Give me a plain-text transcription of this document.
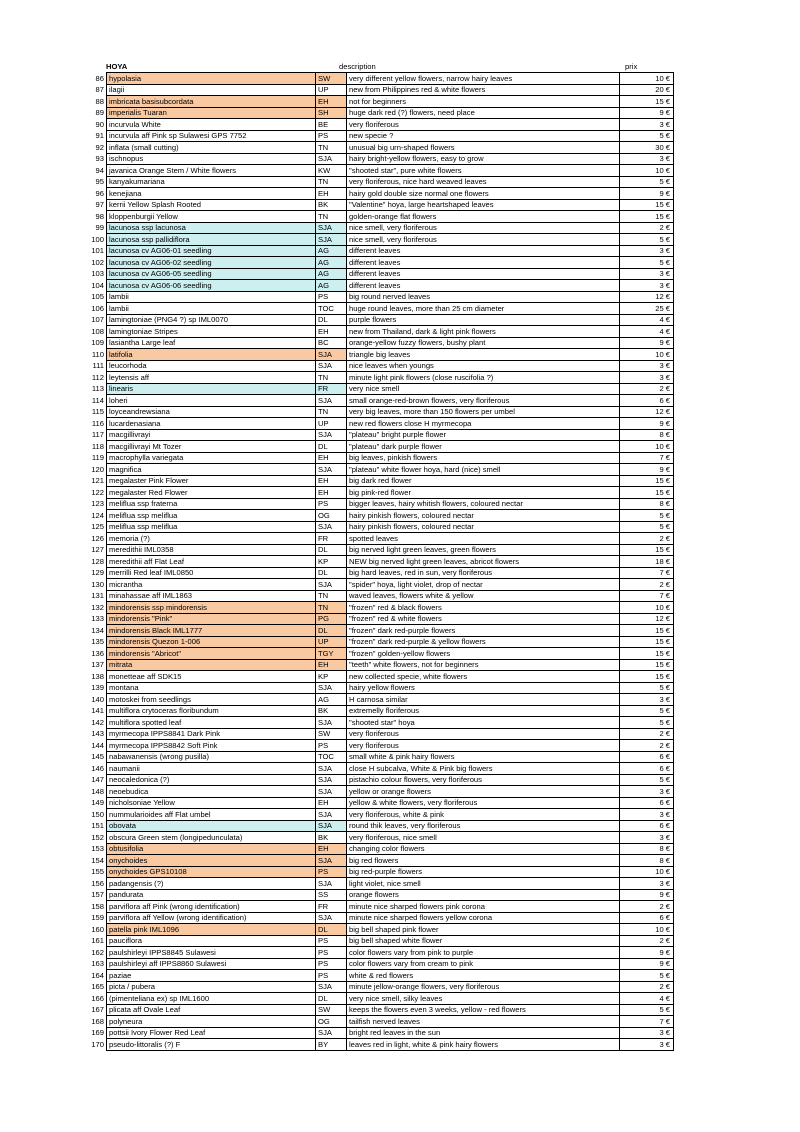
HOYA	description	prix
86	hypolasia	SW	very different yellow flowers, narrow hairy leaves	10 €
87	ilagii	UP	new from Philippines red & white flowers	20 €
88	imbricata basisubcordata	EH	not for beginners	15 €
89	imperialis Tuaran	SH	huge dark red (?) flowers, need place	9 €
90	incurvula White	BE	very floriferous	3 €
91	incurvula aff Pink sp Sulawesi GPS 7752	PS	new specie ?	5 €
92	inflata (small cutting)	TN	unusual big urn-shaped flowers	30 €
93	ischnopus	SJA	hairy bright-yellow flowers, easy to grow	3 €
94	javanica Orange Stem / White flowers	KW	"shooted star", pure white flowers	10 €
95	kanyakumariana	TN	very floriferous, nice hard weaved leaves	5 €
96	kenejiana	EH	hairy gold double size normal one flowers	9 €
97	kerrii Yellow Splash Rooted	BK	"Valentine" hoya, large heartshaped leaves	15 €
98	kloppenburgii Yellow	TN	golden-orange flat flowers	15 €
99	lacunosa ssp lacunosa	SJA	nice smell, very floriferous	2 €
100	lacunosa ssp pallidiflora	SJA	nice smell, very floriferous	5 €
101	lacunosa cv AG06-01 seedling	AG	different leaves	3 €
102	lacunosa cv AG06-02 seedling	AG	different leaves	5 €
103	lacunosa cv AG06-05 seedling	AG	different leaves	3 €
104	lacunosa cv AG06-06 seedling	AG	different leaves	3 €
105	lambii	PS	big round nerved leaves	12 €
106	lambii	TOC	huge round leaves, more than 25 cm diameter	25 €
107	lamingtoniae (PNG4 ?) sp IML0070	DL	purple flowers	4 €
108	lamingtoniae Stripes	EH	new from Thailand, dark & light pink flowers	4 €
109	lasiantha Large leaf	BC	orange-yellow fuzzy flowers, bushy plant	9 €
110	latifolia	SJA	triangle big leaves	10 €
111	leucorhoda	SJA	nice leaves when youngs	3 €
112	leytensis aff	TN	minute light pink flowers (close ruscifolia ?)	3 €
113	linearis	FR	very nice smell	2 €
114	loheri	SJA	small orange-red-brown flowers, very floriferous	6 €
115	loyceandrewsiana	TN	very big leaves, more than 150 flowers per umbel	12 €
116	lucardenasiana	UP	new red flowers close H myrmecopa	9 €
117	macgillivrayi	SJA	"plateau" bright purple flower	8 €
118	macgillivrayi Mt Tozer	DL	"plateau" dark purple flower	10 €
119	macrophylla variegata	EH	big leaves, pinkish flowers	7 €
120	magnifica	SJA	"plateau" white flower hoya, hard (nice) smell	9 €
121	megalaster Pink Flower	EH	big dark red flower	15 €
122	megalaster Red Flower	EH	big pink-red flower	15 €
123	meliflua ssp fraterna	PS	bigger leaves, hairy whitish flowers, coloured nectar	8 €
124	meliflua ssp meliflua	OG	hairy pinkish flowers, coloured nectar	5 €
125	meliflua ssp meliflua	SJA	hairy pinkish flowers, coloured nectar	5 €
126	memoria (?)	FR	spotted leaves	2 €
127	meredithii IML0358	DL	big nerved light green leaves, green flowers	15 €
128	meredithii aff Flat Leaf	KP	NEW big nerved light green leaves, abricot flowers	18 €
129	merrilli Red leaf IML0850	DL	big hard leaves, red in sun, very floriferous	7 €
130	micrantha	SJA	"spider" hoya, light violet, drop of nectar	2 €
131	minahassae aff IML1863	TN	waved leaves, flowers white & yellow	7 €
132	mindorensis ssp mindorensis	TN	"frozen" red & black flowers	10 €
133	mindorensis "Pink"	PG	"frozen" red & white flowers	12 €
134	mindorensis Black IML1777	DL	"frozen" dark red-purple flowers	15 €
135	mindorensis Quezon 1-006	UP	"frozen" dark red-purple & yellow flowers	15 €
136	mindorensis "Abricot"	TGY	"frozen" golden-yellow flowers	15 €
137	mitrata	EH	"teeth" white flowers, not for beginners	15 €
138	monetteae aff SDK15	KP	new collected specie, white flowers	15 €
139	montana	SJA	hairy yellow flowers	5 €
140	motoskei from seedlings	AG	H carnosa similar	3 €
141	multiflora crytoceras floribundum	BK	extremelly floriferous	5 €
142	multiflora spotted leaf	SJA	"shooted star" hoya	5 €
143	myrmecopa IPPS8841 Dark Pink	SW	very floriferous	2 €
144	myrmecopa IPPS8842 Soft Pink	PS	very floriferous	2 €
145	nabawanensis (wrong pusilla)	TOC	small white & pink hairy flowers	6 €
146	naumanii	SJA	close H subcalva, White & Pink big flowers	6 €
147	neocaledonica (?)	SJA	pistachio colour flowers, very floriferous	5 €
148	neoebudica	SJA	yellow or orange flowers	3 €
149	nicholsoniae Yellow	EH	yellow & white flowers, very floriferous	6 €
150	nummularioides aff Flat umbel	SJA	very floriferous, white & pink	3 €
151	obovata	SJA	round thik leaves, very floriferous	6 €
152	obscura Green stem (longipedunculata)	BK	very floriferous, nice smell	3 €
153	obtusifolia	EH	changing color flowers	8 €
154	onychoides	SJA	big red flowers	8 €
155	onychoides GPS10108	PS	big red-purple flowers	10 €
156	padangensis (?)	SJA	light violet, nice smell	3 €
157	pandurata	SS	orange flowers	9 €
158	parviflora aff Pink (wrong identification)	FR	minute nice sharped flowers pink corona	2 €
159	parviflora aff Yellow (wrong identification)	SJA	minute nice sharped flowers yellow corona	6 €
160	patella pink IML1096	DL	big bell shaped pink flower	10 €
161	pauciflora	PS	big bell shaped white flower	2 €
162	paulshirleyi IPPS8845 Sulawesi	PS	color flowers vary from pink to purple	9 €
163	paulshirleyi aff IPPS8860 Sulawesi	PS	color flowers vary from cream to pink	9 €
164	paziae	PS	white & red flowers	5 €
165	picta / pubera	SJA	minute jellow-orange flowers, very floriferous	2 €
166	(pimenteliana ex) sp IML1600	DL	very nice smell, silky leaves	4 €
167	plicata aff Ovale Leaf	SW	keeps the flowers even 3 weeks, yellow - red flowers	5 €
168	polyneura	OG	tailfish nerved leaves	7 €
169	pottsii Ivory Flower Red Leaf	SJA	bright red leaves in the sun	3 €
170	pseudo-littoralis (?) F	BY	leaves red in light, white & pink hairy flowers	3 €
